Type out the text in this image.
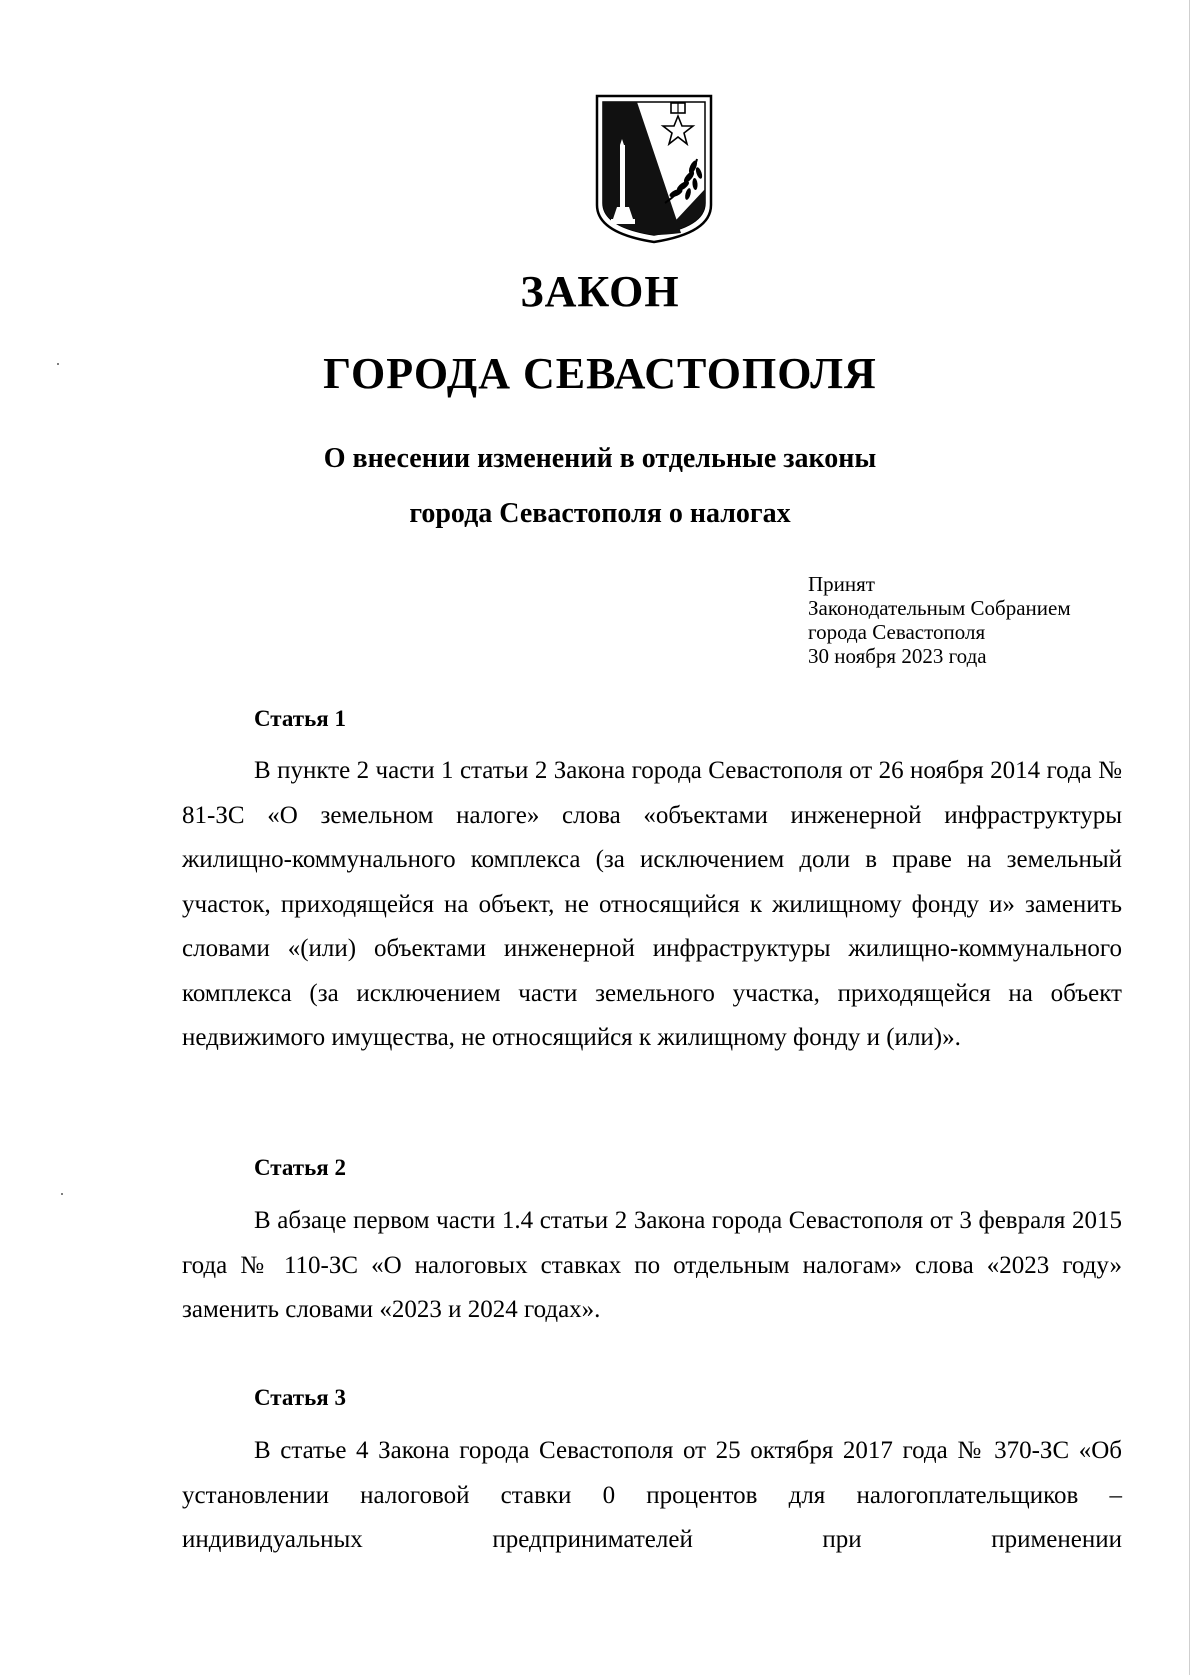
ЗАКОН
ГОРОДА СЕВАСТОПОЛЯ
О внесении изменений в отдельные законы
города Севастополя о налогах
Принят
Законодательным Собранием
города Севастополя
30 ноября 2023 года
Статья 1

В пункте 2 части 1 статьи 2 Закона города Севастополя от 26 ноября 2014 года № 81-ЗС «О земельном налоге» слова «объектами инженерной инфраструктуры жилищно-коммунального комплекса (за исключением доли в праве на земельный участок, приходящейся на объект, не относящийся к жилищному фонду и» заменить словами «(или) объектами инженерной инфраструктуры жилищно-коммунального комплекса (за исключением части земельного участка, приходящейся на объект недвижимого имущества, не относящийся к жилищному фонду и (или)».

Статья 2

В абзаце первом части 1.4 статьи 2 Закона города Севастополя от 3 февраля 2015 года № 110-ЗС «О налоговых ставках по отдельным налогам» слова «2023 году» заменить словами «2023 и 2024 годах».

Статья 3

В статье 4 Закона города Севастополя от 25 октября 2017 года № 370-ЗС «Об установлении налоговой ставки 0 процентов для налогоплательщиков – индивидуальных предпринимателей при применении
